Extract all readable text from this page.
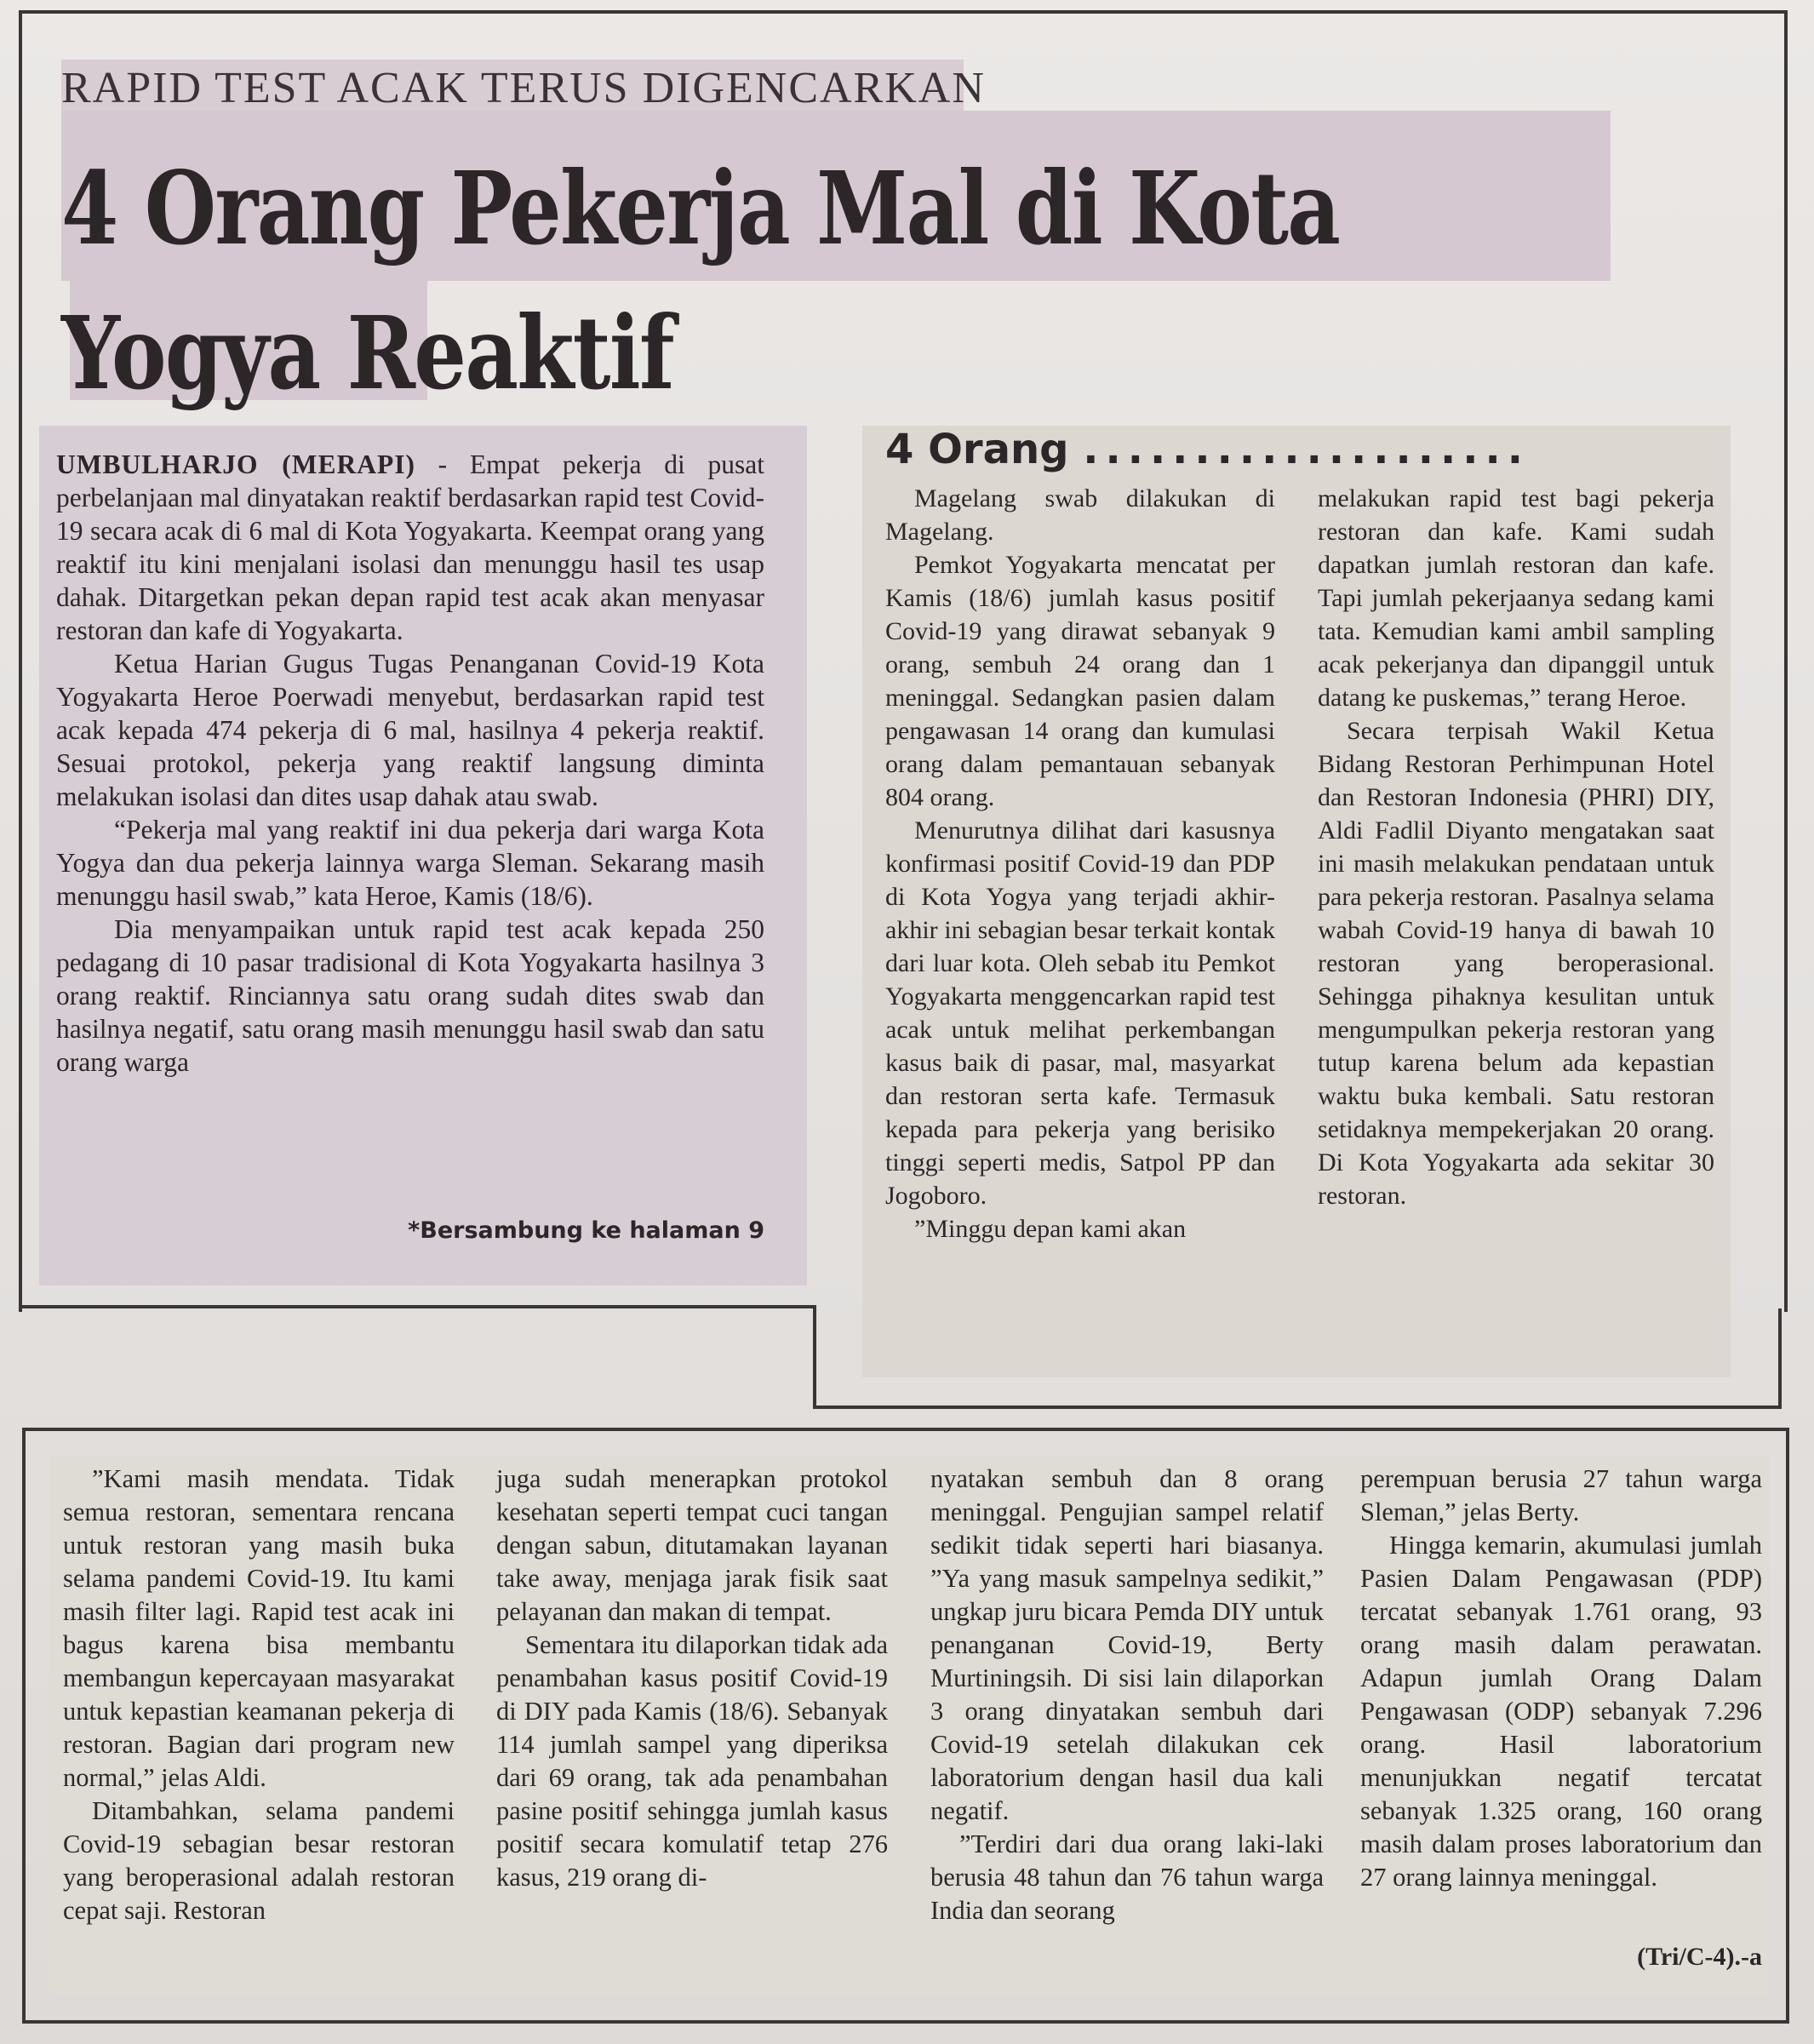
RAPID TEST ACAK TERUS DIGENCARKAN
4 Orang Pekerja Mal di Kota Yogya Reaktif

UMBULHARJO (MERAPI) - Empat pekerja di pusat perbelanjaan mal dinyatakan reaktif berdasarkan rapid test Covid-19 secara acak di 6 mal di Kota Yogyakarta. Keempat orang yang reaktif itu kini menjalani isolasi dan menunggu hasil tes usap dahak. Ditargetkan pekan depan rapid test acak akan menyasar restoran dan kafe di Yogyakarta.

Ketua Harian Gugus Tugas Penanganan Covid-19 Kota Yogyakarta Heroe Poerwadi menyebut, berdasarkan rapid test acak kepada 474 pekerja di 6 mal, hasilnya 4 pekerja reaktif. Sesuai protokol, pekerja yang reaktif langsung diminta melakukan isolasi dan dites usap dahak atau swab.

“Pekerja mal yang reaktif ini dua pekerja dari warga Kota Yogya dan dua pekerja lainnya warga Sleman. Sekarang masih menunggu hasil swab,” kata Heroe, Kamis (18/6).

Dia menyampaikan untuk rapid test acak kepada 250 pedagang di 10 pasar tradisional di Kota Yogyakarta hasilnya 3 orang reaktif. Rinciannya satu orang sudah dites swab dan hasilnya negatif, satu orang masih menunggu hasil swab dan satu orang warga

*Bersambung ke halaman 9
4 Orang ....................

Magelang swab dilakukan di Magelang.

Pemkot Yogyakarta mencatat per Kamis (18/6) jumlah kasus positif Covid-19 yang dirawat sebanyak 9 orang, sembuh 24 orang dan 1 meninggal. Sedangkan pasien dalam pengawasan 14 orang dan kumulasi orang dalam pemantauan sebanyak 804 orang.

Menurutnya dilihat dari kasusnya konfirmasi positif Covid-19 dan PDP di Kota Yogya yang terjadi akhir- akhir ini sebagian besar terkait kontak dari luar kota. Oleh sebab itu Pemkot Yogyakarta menggencarkan rapid test acak untuk melihat perkembangan kasus baik di pasar, mal, masyarkat dan restoran serta kafe. Termasuk kepada para pekerja yang berisiko tinggi seperti medis, Satpol PP dan Jogoboro.

”Minggu depan kami akan

melakukan rapid test bagi pekerja restoran dan kafe. Kami sudah dapatkan jumlah restoran dan kafe. Tapi jumlah pekerjaanya sedang kami tata. Kemudian kami ambil sampling acak pekerjanya dan dipanggil untuk datang ke puskemas,” terang Heroe.

Secara terpisah Wakil Ketua Bidang Restoran Perhimpunan Hotel dan Restoran Indonesia (PHRI) DIY, Aldi Fadlil Diyanto mengatakan saat ini masih melakukan pendataan untuk para pekerja restoran. Pasalnya selama wabah Covid-19 hanya di bawah 10 restoran yang beroperasional. Sehingga pihaknya kesulitan untuk mengumpulkan pekerja restoran yang tutup karena belum ada kepastian waktu buka kembali. Satu restoran setidaknya mempekerjakan 20 orang. Di Kota Yogyakarta ada sekitar 30 restoran.

”Kami masih mendata. Tidak semua restoran, sementara rencana untuk restoran yang masih buka selama pandemi Covid-19. Itu kami masih filter lagi. Rapid test acak ini bagus karena bisa membantu membangun kepercayaan masyarakat untuk kepastian keamanan pekerja di restoran. Bagian dari program new normal,” jelas Aldi.

Ditambahkan, selama pandemi Covid-19 sebagian besar restoran yang beroperasional adalah restoran cepat saji. Restoran

juga sudah menerapkan protokol kesehatan seperti tempat cuci tangan dengan sabun, ditutamakan layanan take away, menjaga jarak fisik saat pelayanan dan makan di tempat.

Sementara itu dilaporkan tidak ada penambahan kasus positif Covid-19 di DIY pada Kamis (18/6). Sebanyak 114 jumlah sampel yang diperiksa dari 69 orang, tak ada penambahan pasine positif sehingga jumlah kasus positif secara komulatif tetap 276 kasus, 219 orang di-

nyatakan sembuh dan 8 orang meninggal. Pengujian sampel relatif sedikit tidak seperti hari biasanya. ”Ya yang masuk sampelnya sedikit,” ungkap juru bicara Pemda DIY untuk penanganan Covid-19, Berty Murtiningsih. Di sisi lain dilaporkan 3 orang dinyatakan sembuh dari Covid-19 setelah dilakukan cek laboratorium dengan hasil dua kali negatif.

”Terdiri dari dua orang laki-laki berusia 48 tahun dan 76 tahun warga India dan seorang

perempuan berusia 27 tahun warga Sleman,” jelas Berty.

Hingga kemarin, akumulasi jumlah Pasien Dalam Pengawasan (PDP) tercatat sebanyak 1.761 orang, 93 orang masih dalam perawatan. Adapun jumlah Orang Dalam Pengawasan (ODP) sebanyak 7.296 orang. Hasil laboratorium menunjukkan negatif tercatat sebanyak 1.325 orang, 160 orang masih dalam proses laboratorium dan 27 orang lainnya meninggal.

(Tri/C-4).-a
